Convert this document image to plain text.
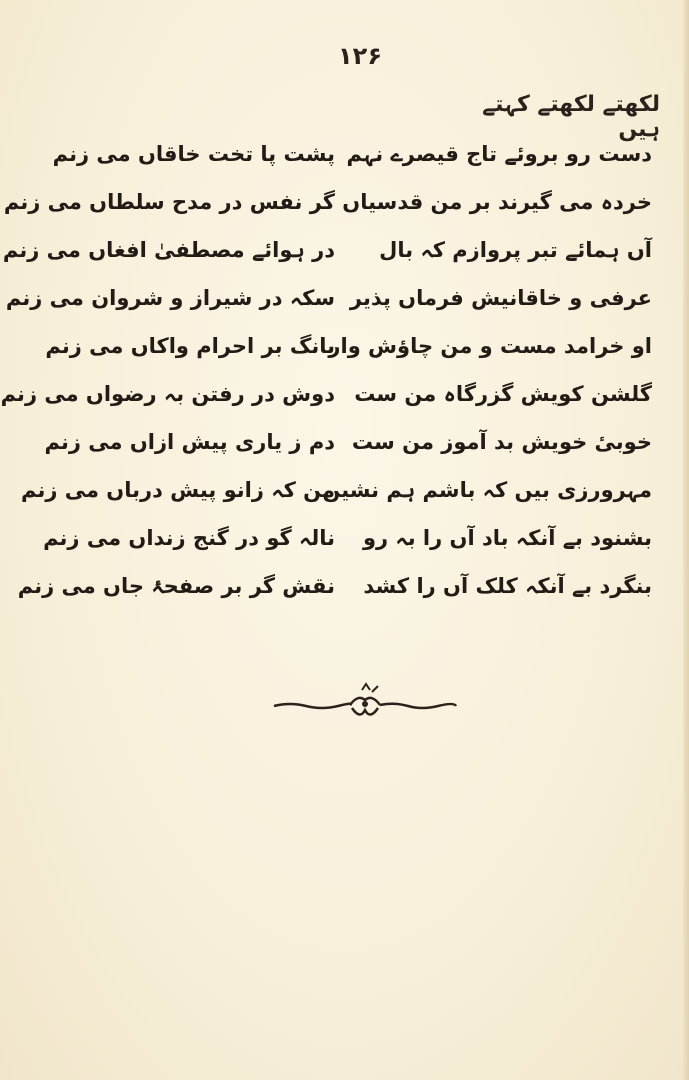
۱۲۶
لکھتے لکھتے کہتے ہیں
دست رو بروئے تاج قیصرے نہم
خردہ می گیرند بر من قدسیاں
آں ہمائے تبر پروازم کہ بال
عرفی و خاقانیش فرماں پذیر
او خرامد مست و من چاؤش وار
گلشن کویش گزرگاہ من ست
خوبیٔ خویش بد آموز من ست
مہرورزی بیں کہ باشم ہم نشیں
بشنود بے آنکہ باد آں را بہ رو
بنگرد بے آنکہ کلک آں را کشد
پشت پا تخت خاقاں می زنم
گر نفس در مدح سلطاں می زنم
در ہوائے مصطفیٰ افغاں می زنم
سکہ در شیراز و شروان می زنم
بانگ بر احرام واکاں می زنم
دوش در رفتن بہ رضواں می زنم
دم ز یاری پیش ازاں می زنم
من کہ زانو پیش درباں می زنم
نالہ گو در گنج زنداں می زنم
نقش گر بر صفحۂ جاں می زنم
